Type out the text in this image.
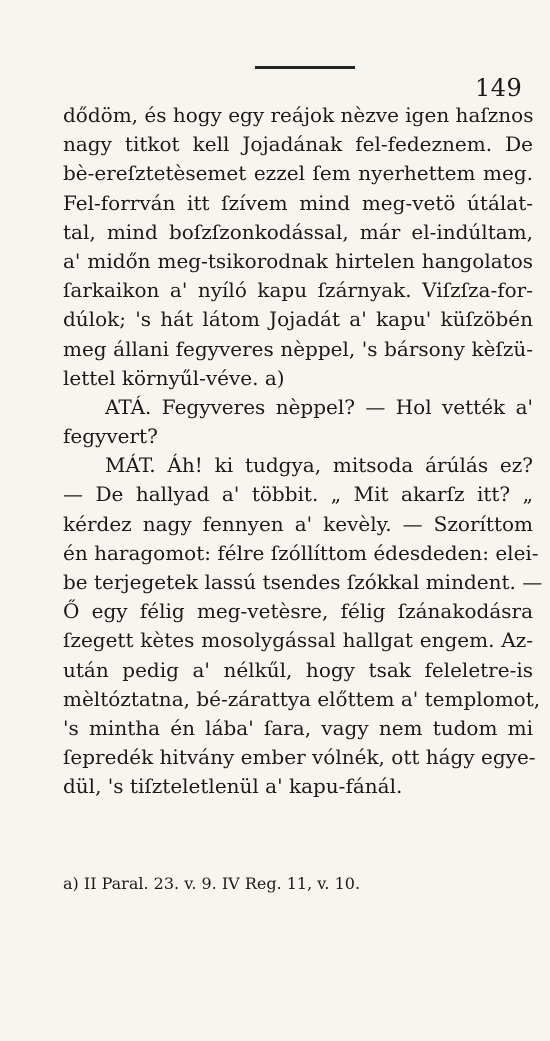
149
dődöm, és hogy egy reájok nèzve igen haſznos
nagy titkot kell Jojadának fel-fedeznem. De
bè-ereſztetèsemet ezzel ſem nyerhettem meg.
Fel-forrván itt ſzívem mind meg-vetö útálat-
tal, mind boſzſzonkodással, már el-indúltam,
a' midőn meg-tsikorodnak hirtelen hangolatos
ſarkaikon a' nyíló kapu ſzárnyak. Viſzſza-for-
dúlok; 's hát látom Jojadát a' kapu' küſzöbén
meg állani fegyveres nèppel, 's bársony kèſzü-
lettel környűl-véve. a)
ATÁ. Fegyveres nèppel? — Hol vették a'
fegyvert?
MÁT. Áh! ki tudgya, mitsoda árúlás ez?
— De hallyad a' többit. „ Mit akarſz itt? „
kérdez nagy fennyen a' kevèly. — Szoríttom
én haragomot: félre ſzóllíttom édesdeden: elei-
be terjegetek lassú tsendes ſzókkal mindent. —
Ő egy félig meg-vetèsre, félig ſzánakodásra
ſzegett kètes mosolygással hallgat engem. Az-
után pedig a' nélkűl, hogy tsak feleletre-is
mèltóztatna, bé-zárattya előttem a' templomot,
's mintha én lába' ſara, vagy nem tudom mi
ſepredék hitvány ember vólnék, ott hágy egye-
dül, 's tiſzteletlenül a' kapu-fánál.
a) II Paral. 23. v. 9. IV Reg. 11, v. 10.
